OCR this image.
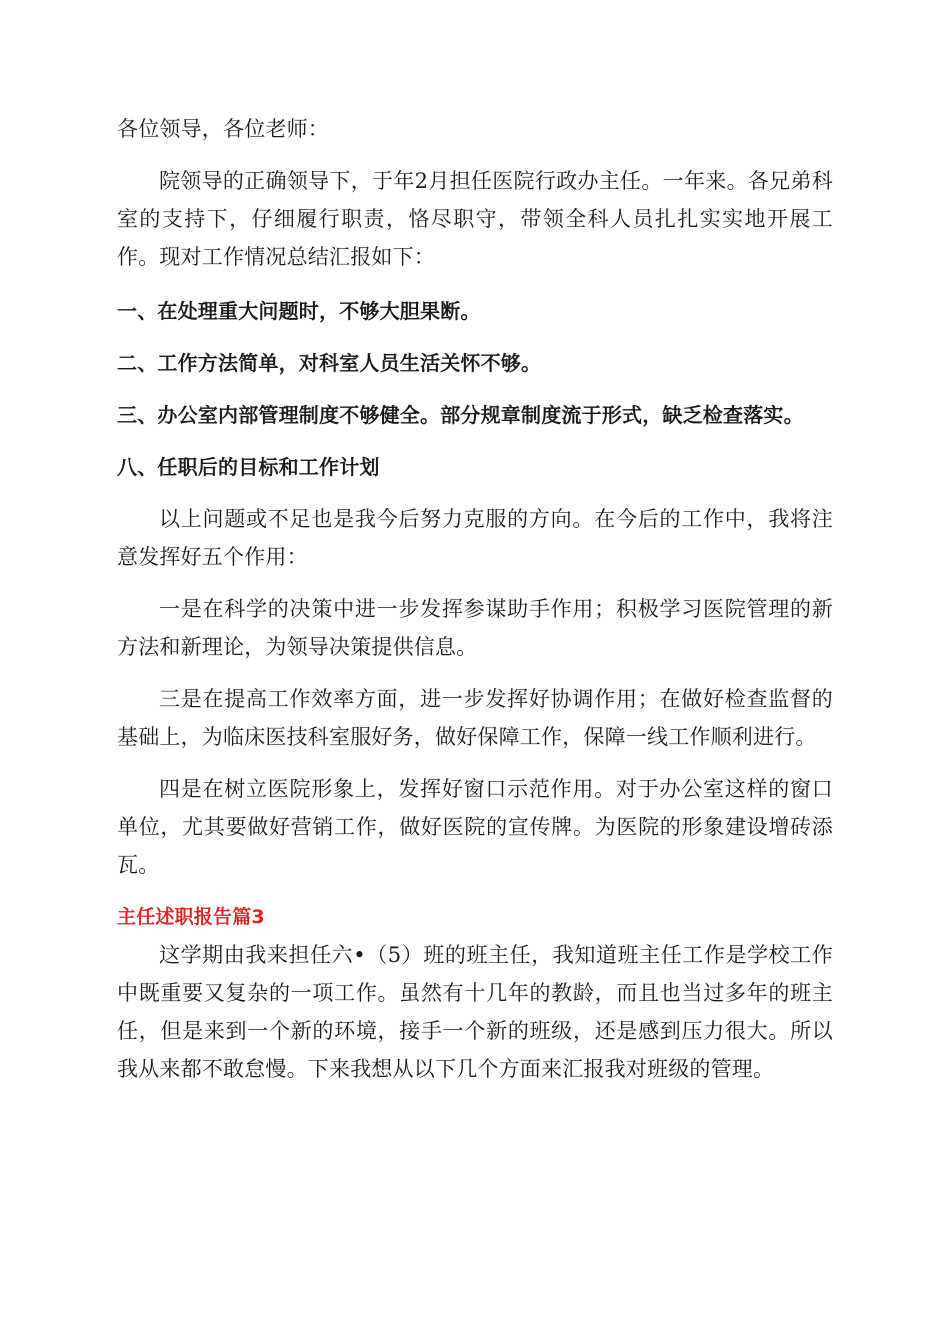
各位领导，各位老师：

院领导的正确领导下，于年2月担任医院行政办主任。一年来。各兄弟科室的支持下，仔细履行职责，恪尽职守，带领全科人员扎扎实实地开展工作。现对工作情况总结汇报如下：

一、在处理重大问题时，不够大胆果断。

二、工作方法简单，对科室人员生活关怀不够。

三、办公室内部管理制度不够健全。部分规章制度流于形式，缺乏检查落实。

八、任职后的目标和工作计划

以上问题或不足也是我今后努力克服的方向。在今后的工作中，我将注意发挥好五个作用：

一是在科学的决策中进一步发挥参谋助手作用；积极学习医院管理的新方法和新理论，为领导决策提供信息。

三是在提高工作效率方面，进一步发挥好协调作用；在做好检查监督的基础上，为临床医技科室服好务，做好保障工作，保障一线工作顺利进行。

四是在树立医院形象上，发挥好窗口示范作用。对于办公室这样的窗口单位，尤其要做好营销工作，做好医院的宣传牌。为医院的形象建设增砖添瓦。

主任述职报告篇3

这学期由我来担任六•（5）班的班主任，我知道班主任工作是学校工作中既重要又复杂的一项工作。虽然有十几年的教龄，而且也当过多年的班主任，但是来到一个新的环境，接手一个新的班级，还是感到压力很大。所以我从来都不敢怠慢。下来我想从以下几个方面来汇报我对班级的管理。
